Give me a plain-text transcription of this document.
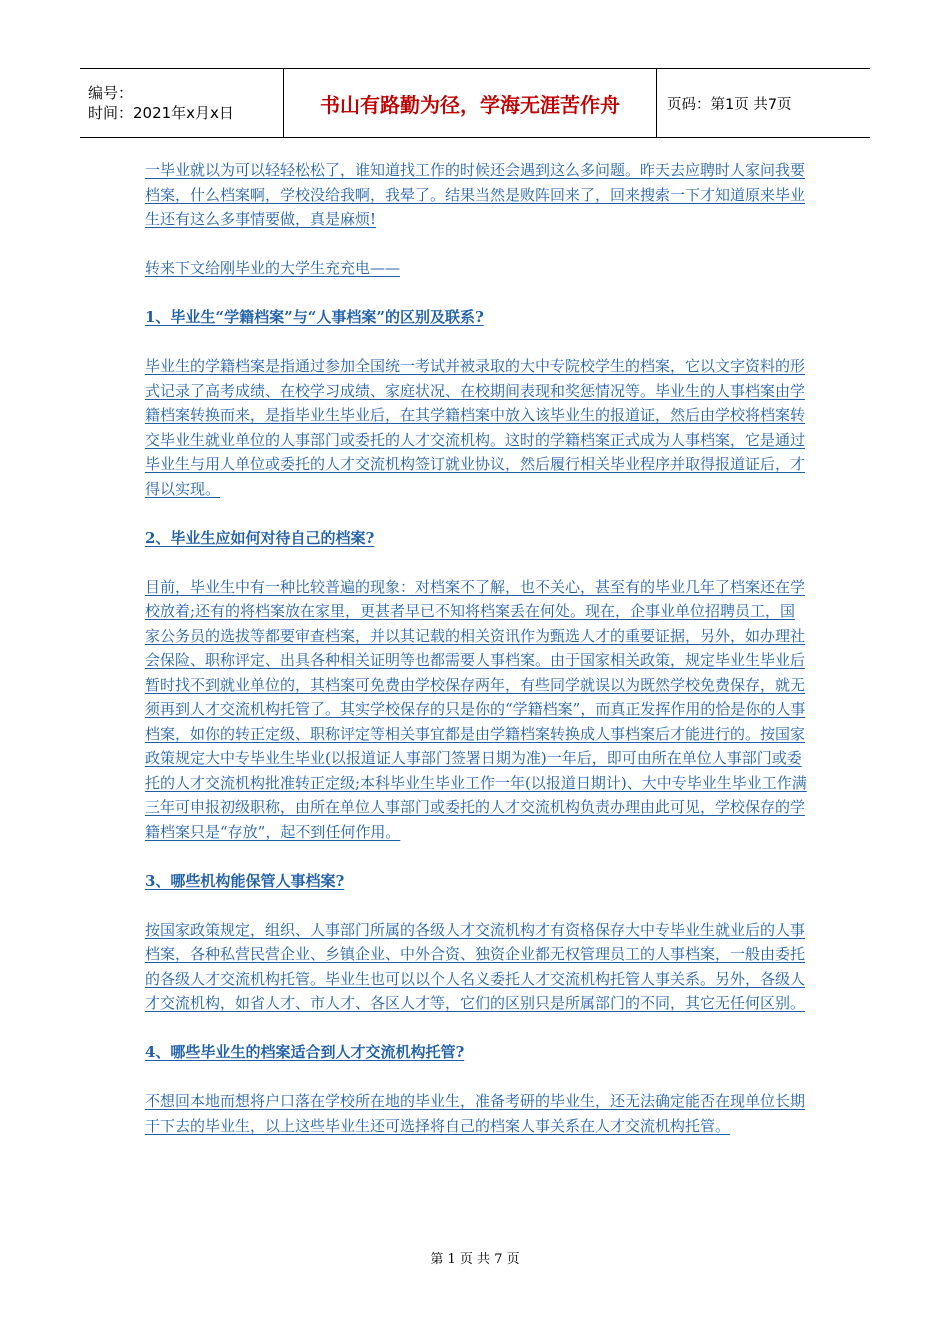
编号：
时间：2021年x月x日	书山有路勤为径，学海无涯苦作舟	页码：第1页 共7页

一毕业就以为可以轻轻松松了，谁知道找工作的时候还会遇到这么多问题。昨天去应聘时人家问我要档案，什么档案啊，学校没给我啊，我晕了。结果当然是败阵回来了，回来搜索一下才知道原来毕业生还有这么多事情要做，真是麻烦!

转来下文给刚毕业的大学生充充电——

1、毕业生“学籍档案”与“人事档案”的区别及联系?

毕业生的学籍档案是指通过参加全国统一考试并被录取的大中专院校学生的档案，它以文字资料的形式记录了高考成绩、在校学习成绩、家庭状况、在校期间表现和奖惩情况等。毕业生的人事档案由学籍档案转换而来，是指毕业生毕业后，在其学籍档案中放入该毕业生的报道证，然后由学校将档案转交毕业生就业单位的人事部门或委托的人才交流机构。这时的学籍档案正式成为人事档案，它是通过毕业生与用人单位或委托的人才交流机构签订就业协议，然后履行相关毕业程序并取得报道证后，才得以实现。

2、毕业生应如何对待自己的档案?

目前，毕业生中有一种比较普遍的现象：对档案不了解，也不关心，甚至有的毕业几年了档案还在学校放着;还有的将档案放在家里，更甚者早已不知将档案丢在何处。现在，企事业单位招聘员工，国家公务员的选拔等都要审查档案，并以其记载的相关资讯作为甄选人才的重要证据，另外，如办理社会保险、职称评定、出具各种相关证明等也都需要人事档案。由于国家相关政策，规定毕业生毕业后暂时找不到就业单位的，其档案可免费由学校保存两年，有些同学就误以为既然学校免费保存，就无须再到人才交流机构托管了。其实学校保存的只是你的“学籍档案”，而真正发挥作用的恰是你的人事档案，如你的转正定级、职称评定等相关事宜都是由学籍档案转换成人事档案后才能进行的。按国家政策规定大中专毕业生毕业(以报道证人事部门签署日期为准)一年后，即可由所在单位人事部门或委托的人才交流机构批准转正定级;本科毕业生毕业工作一年(以报道日期计)、大中专毕业生毕业工作满三年可申报初级职称，由所在单位人事部门或委托的人才交流机构负责办理由此可见，学校保存的学籍档案只是“存放”，起不到任何作用。

3、哪些机构能保管人事档案?

按国家政策规定，组织、人事部门所属的各级人才交流机构才有资格保存大中专毕业生就业后的人事档案，各种私营民营企业、乡镇企业、中外合资、独资企业都无权管理员工的人事档案，一般由委托的各级人才交流机构托管。毕业生也可以以个人名义委托人才交流机构托管人事关系。另外，各级人才交流机构，如省人才、市人才、各区人才等，它们的区别只是所属部门的不同，其它无任何区别。

4、哪些毕业生的档案适合到人才交流机构托管?

不想回本地而想将户口落在学校所在地的毕业生，准备考研的毕业生，还无法确定能否在现单位长期干下去的毕业生，以上这些毕业生还可选择将自己的档案人事关系在人才交流机构托管。

第 1 页 共 7 页
